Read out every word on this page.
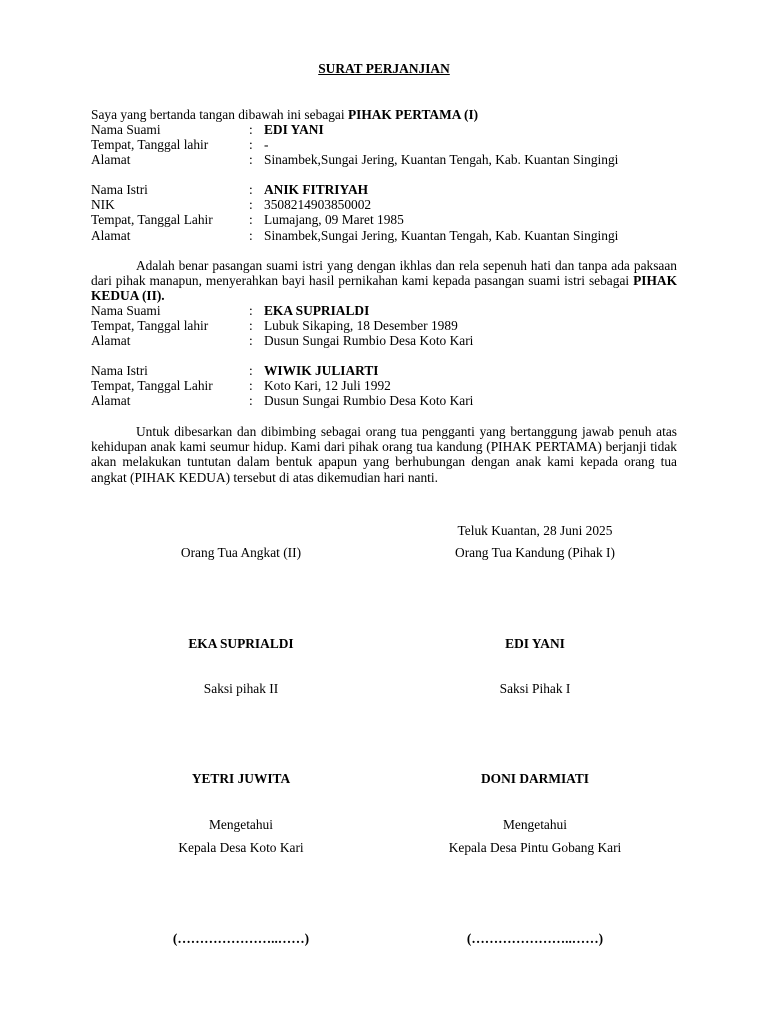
SURAT PERJANJIAN
Saya yang bertanda tangan dibawah ini sebagai PIHAK PERTAMA (I)
Nama Suami	: EDI YANI
Tempat, Tanggal lahir	: -
Alamat	: Sinambek,Sungai Jering, Kuantan Tengah, Kab. Kuantan Singingi
Nama Istri	: ANIK FITRIYAH
NIK	: 3508214903850002
Tempat, Tanggal Lahir	: Lumajang, 09 Maret 1985
Alamat	: Sinambek,Sungai Jering, Kuantan Tengah, Kab. Kuantan Singingi
Adalah benar pasangan suami istri yang dengan ikhlas dan rela sepenuh hati dan tanpa ada paksaan dari pihak manapun, menyerahkan bayi hasil pernikahan kami kepada pasangan suami istri sebagai PIHAK KEDUA (II).
Nama Suami	: EKA SUPRIALDI
Tempat, Tanggal lahir	: Lubuk Sikaping, 18 Desember 1989
Alamat	: Dusun Sungai Rumbio Desa Koto Kari
Nama Istri	: WIWIK JULIARTI
Tempat, Tanggal Lahir	: Koto Kari, 12 Juli 1992
Alamat	: Dusun Sungai Rumbio Desa Koto Kari
Untuk dibesarkan dan dibimbing sebagai orang tua pengganti yang bertanggung jawab penuh atas kehidupan anak kami seumur hidup. Kami dari pihak orang tua kandung (PIHAK PERTAMA) berjanji tidak akan melakukan tuntutan dalam bentuk apapun yang berhubungan dengan anak kami kepada orang tua angkat (PIHAK KEDUA) tersebut di atas dikemudian hari nanti.
Teluk Kuantan, 28 Juni 2025
Orang Tua Angkat (II)	Orang Tua Kandung (Pihak I)
EKA SUPRIALDI	EDI YANI
Saksi pihak II	Saksi Pihak I
YETRI JUWITA	DONI DARMIATI
Mengetahui	Mengetahui
Kepala Desa Koto Kari	Kepala Desa Pintu Gobang Kari
(…………………..……)	(…………………..……)
